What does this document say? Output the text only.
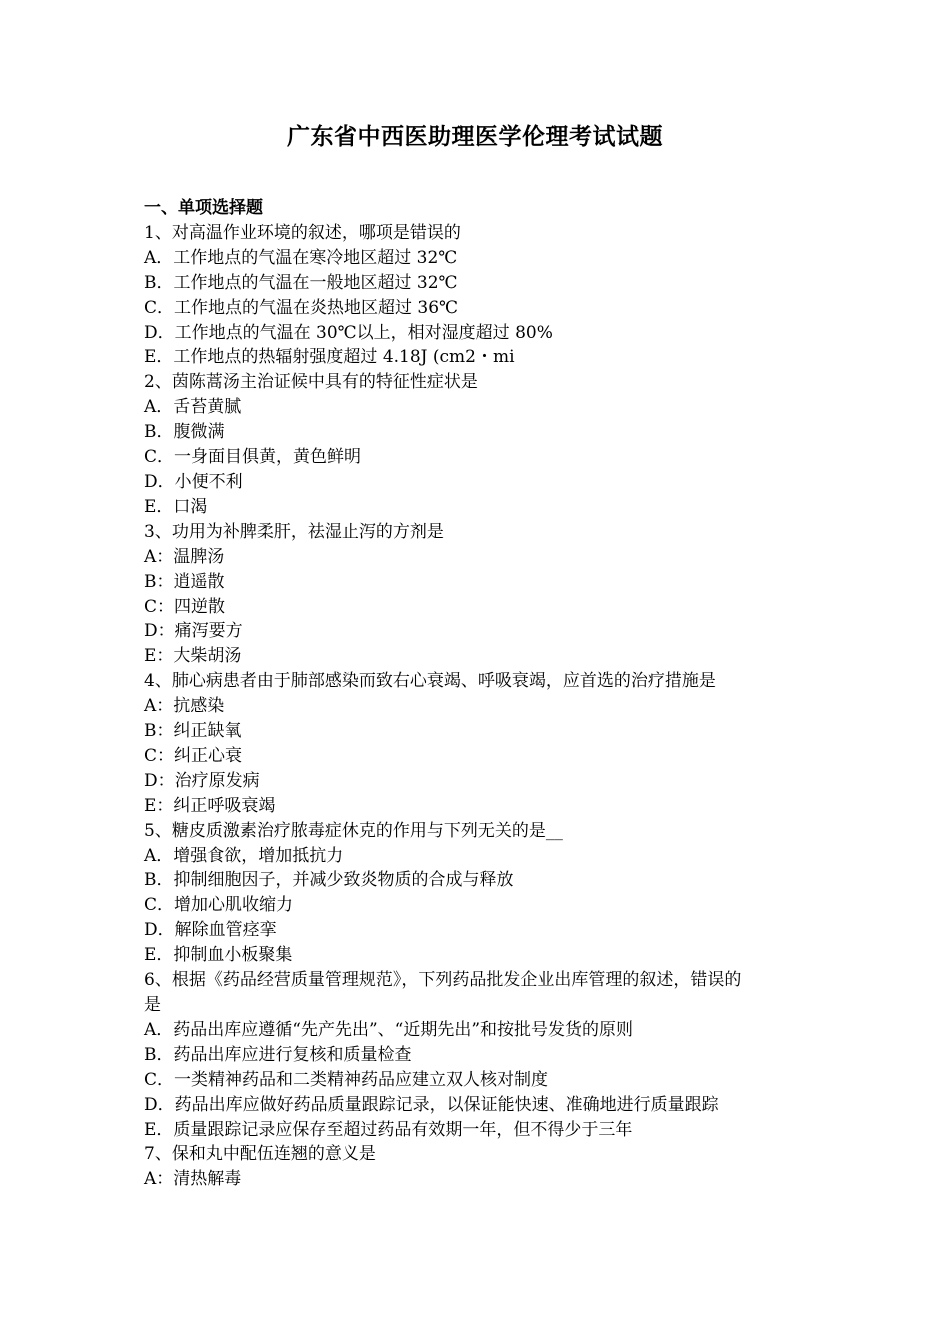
广东省中西医助理医学伦理考试试题
一、单项选择题
1、对高温作业环境的叙述，哪项是错误的
A．工作地点的气温在寒冷地区超过 32℃
B．工作地点的气温在一般地区超过 32℃
C．工作地点的气温在炎热地区超过 36℃
D．工作地点的气温在 30℃以上，相对湿度超过 80%
E．工作地点的热辐射强度超过 4.18J (cm2・mi
2、茵陈蒿汤主治证候中具有的特征性症状是
A．舌苔黄腻
B．腹微满
C．一身面目俱黄，黄色鲜明
D．小便不利
E．口渴
3、功用为补脾柔肝，祛湿止泻的方剂是
A：温脾汤
B：逍遥散
C：四逆散
D：痛泻要方
E：大柴胡汤
4、肺心病患者由于肺部感染而致右心衰竭、呼吸衰竭，应首选的治疗措施是
A：抗感染
B：纠正缺氧
C：纠正心衰
D：治疗原发病
E：纠正呼吸衰竭
5、糖皮质激素治疗脓毒症休克的作用与下列无关的是__
A．增强食欲，增加抵抗力
B．抑制细胞因子，并减少致炎物质的合成与释放
C．增加心肌收缩力
D．解除血管痉挛
E．抑制血小板聚集
6、根据《药品经营质量管理规范》，下列药品批发企业出库管理的叙述，错误的
是
A．药品出库应遵循“先产先出”、“近期先出”和按批号发货的原则
B．药品出库应进行复核和质量检查
C．一类精神药品和二类精神药品应建立双人核对制度
D．药品出库应做好药品质量跟踪记录，以保证能快速、准确地进行质量跟踪
E．质量跟踪记录应保存至超过药品有效期一年，但不得少于三年
7、保和丸中配伍连翘的意义是
A：清热解毒
